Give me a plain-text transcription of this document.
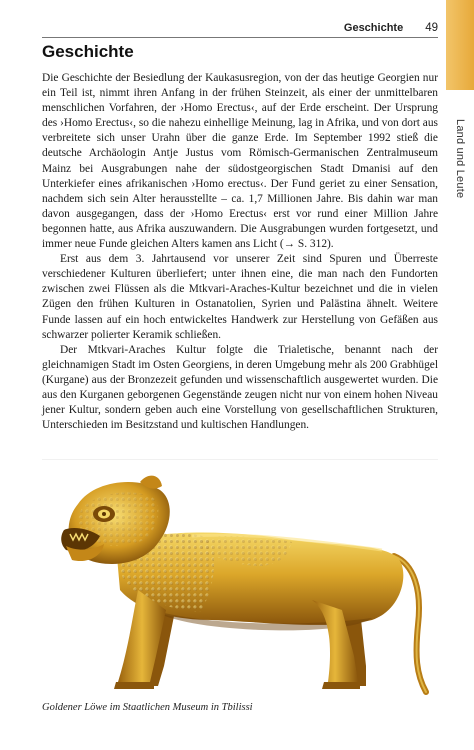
Land und Leute
Geschichte 49
Geschichte

Die Geschichte der Besiedlung der Kaukasusregion, von der das heutige Georgien nur ein Teil ist, nimmt ihren Anfang in der frühen Steinzeit, als einer der unmittelbaren menschlichen Vorfahren, der ›Homo Erectus‹, auf der Erde erscheint. Der Ursprung des ›Homo Erectus‹, so die nahezu einhellige Meinung, lag in Afrika, und von dort aus verbreitete sich unser Urahn über die ganze Erde. Im September 1992 stieß die deutsche Archäologin Antje Justus vom Römisch-Germanischen Zentralmuseum Mainz bei Ausgrabungen nahe der südostgeorgischen Stadt Dmanisi auf den Unterkiefer eines afrikanischen ›Homo erectus‹. Der Fund geriet zu einer Sensation, nachdem sich sein Alter herausstellte – ca. 1,7 Millionen Jahre. Bis dahin war man davon ausgegangen, dass der ›Homo Erectus‹ erst vor rund einer Million Jahre begonnen hatte, aus Afrika auszuwandern. Die Ausgrabungen wurden fortgesetzt, und immer neue Funde gleichen Alters kamen ans Licht (→ S. 312).

Erst aus dem 3. Jahrtausend vor unserer Zeit sind Spuren und Überreste verschiedener Kulturen überliefert; unter ihnen eine, die man nach den Fundorten zwischen zwei Flüssen als die Mtkvari-Araches-Kultur bezeichnet und die in vielen Zügen den frühen Kulturen in Ostanatolien, Syrien und Palästina ähnelt. Weitere Funde lassen auf ein hoch entwickeltes Handwerk zur Herstellung von Gefäßen aus schwarzer polierter Keramik schließen.

Der Mtkvari-Araches Kultur folgte die Trialetische, benannt nach der gleichnamigen Stadt im Osten Georgiens, in deren Umgebung mehr als 200 Grabhügel (Kurgane) aus der Bronzezeit gefunden und wissenschaftlich ausgewertet wurden. Die aus den Kurganen geborgenen Gegenstände zeugen nicht nur von einem hohen Niveau jener Kultur, sondern geben auch eine Vorstellung von gesellschaftlichen Strukturen, Unterschieden im Besitzstand und kultischen Handlungen.

Goldener Löwe im Staatlichen Museum in Tbilissi
